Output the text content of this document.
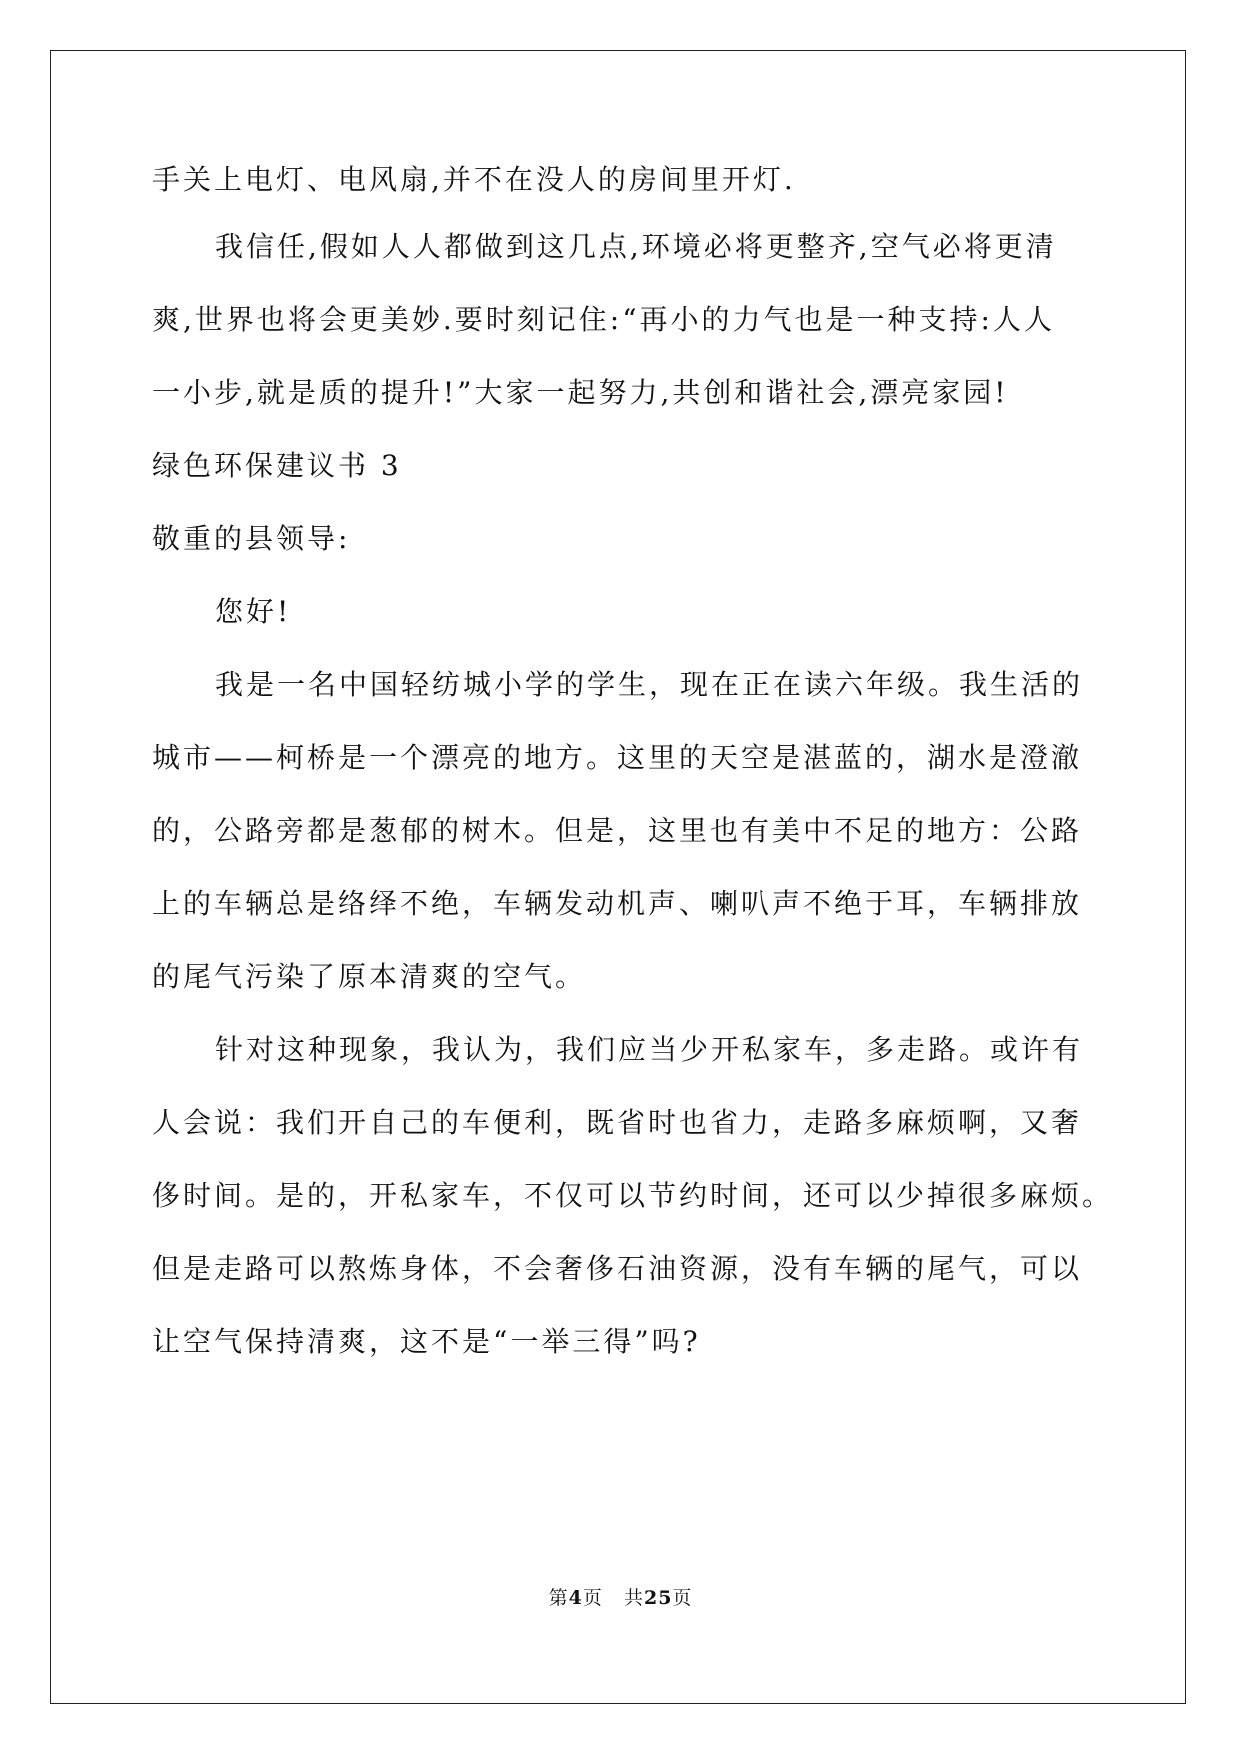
手关上电灯、电风扇,并不在没人的房间里开灯.
我信任,假如人人都做到这几点,环境必将更整齐,空气必将更清
爽,世界也将会更美妙.要时刻记住:“再小的力气也是一种支持:人人
一小步,就是质的提升!”大家一起努力,共创和谐社会,漂亮家园!
绿色环保建议书 3
敬重的县领导:
您好!
我是一名中国轻纺城小学的学生，现在正在读六年级。我生活的
城市——柯桥是一个漂亮的地方。这里的天空是湛蓝的，湖水是澄澈
的，公路旁都是葱郁的树木。但是，这里也有美中不足的地方：公路
上的车辆总是络绎不绝，车辆发动机声、喇叭声不绝于耳，车辆排放
的尾气污染了原本清爽的空气。
针对这种现象，我认为，我们应当少开私家车，多走路。或许有
人会说：我们开自己的车便利，既省时也省力，走路多麻烦啊，又奢
侈时间。是的，开私家车，不仅可以节约时间，还可以少掉很多麻烦。
但是走路可以熬炼身体，不会奢侈石油资源，没有车辆的尾气，可以
让空气保持清爽，这不是“一举三得”吗?
第4页 共25页
